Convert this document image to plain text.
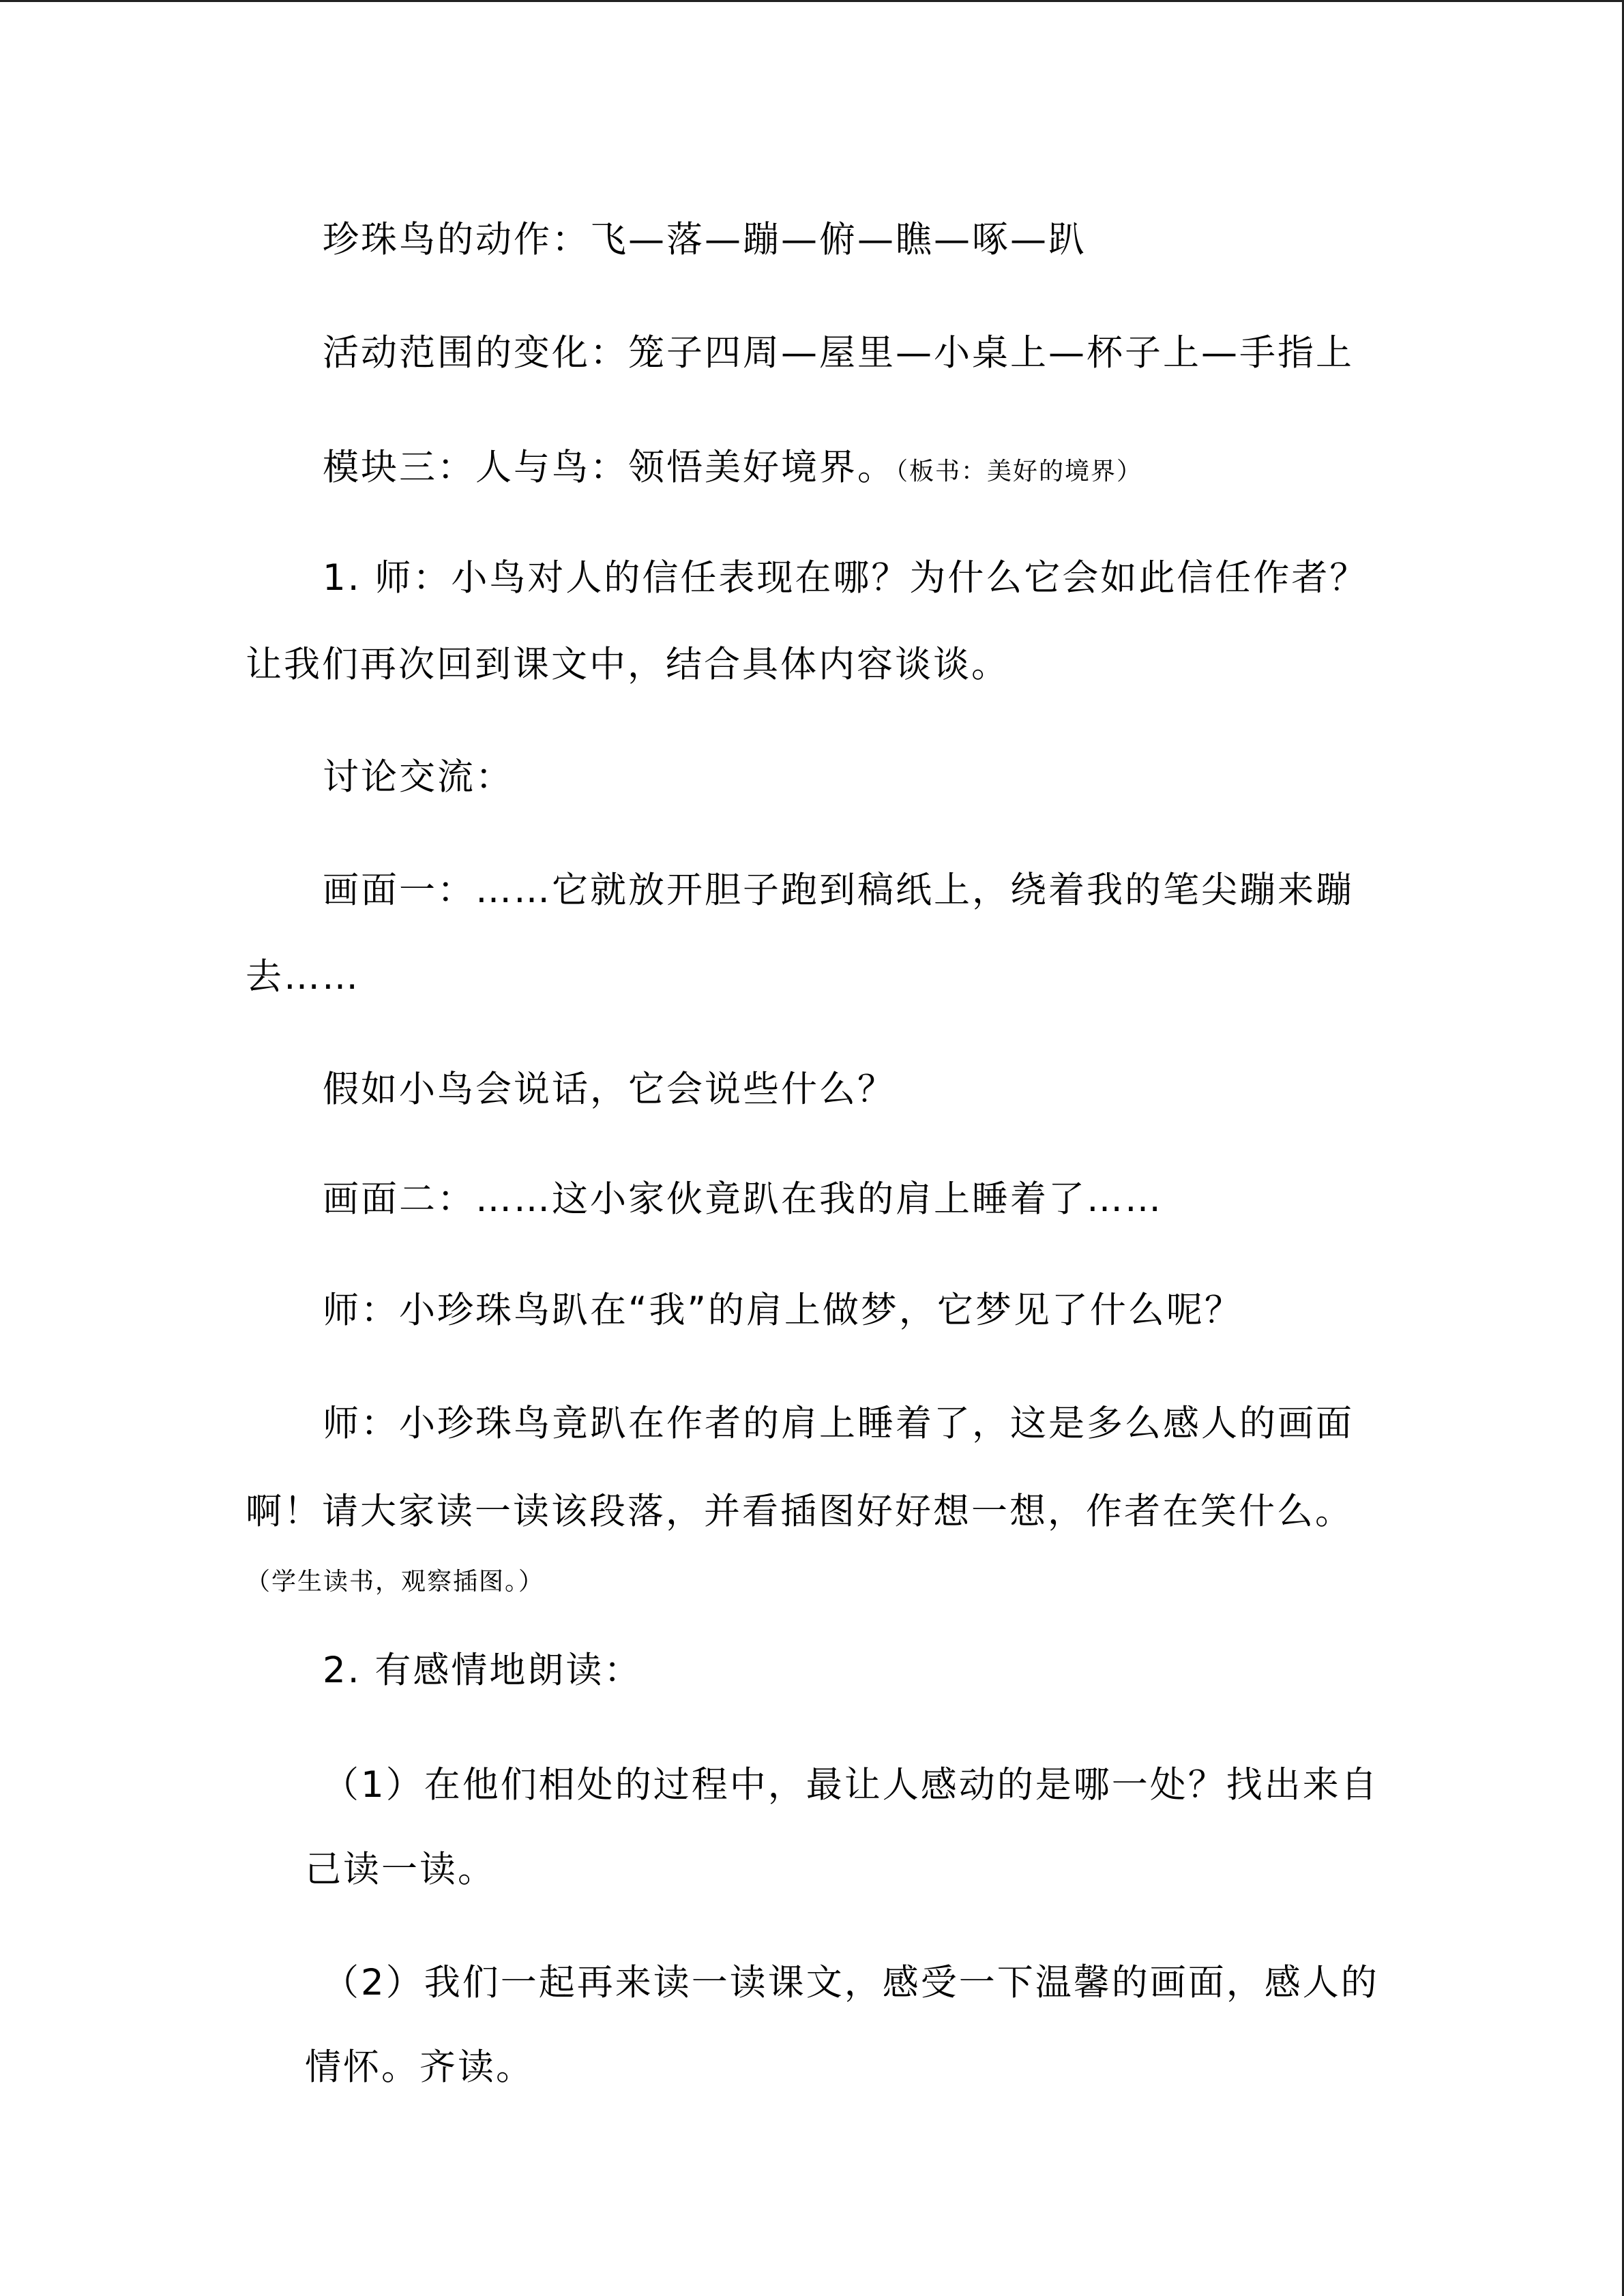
珍珠鸟的动作：飞—落—蹦—俯—瞧—啄—趴
活动范围的变化：笼子四周—屋里—小桌上—杯子上—手指上
模块三：人与鸟：领悟美好境界。（板书：美好的境界）
1. 师：小鸟对人的信任表现在哪？为什么它会如此信任作者？
让我们再次回到课文中，结合具体内容谈谈。
讨论交流：
画面一：……它就放开胆子跑到稿纸上，绕着我的笔尖蹦来蹦
去……
假如小鸟会说话，它会说些什么？
画面二：……这小家伙竟趴在我的肩上睡着了……
师：小珍珠鸟趴在“我”的肩上做梦，它梦见了什么呢？
师：小珍珠鸟竟趴在作者的肩上睡着了，这是多么感人的画面
啊！请大家读一读该段落，并看插图好好想一想，作者在笑什么。
（学生读书，观察插图。）
2. 有感情地朗读：
（1）在他们相处的过程中，最让人感动的是哪一处？找出来自
己读一读。
（2）我们一起再来读一读课文，感受一下温馨的画面，感人的
情怀。齐读。
